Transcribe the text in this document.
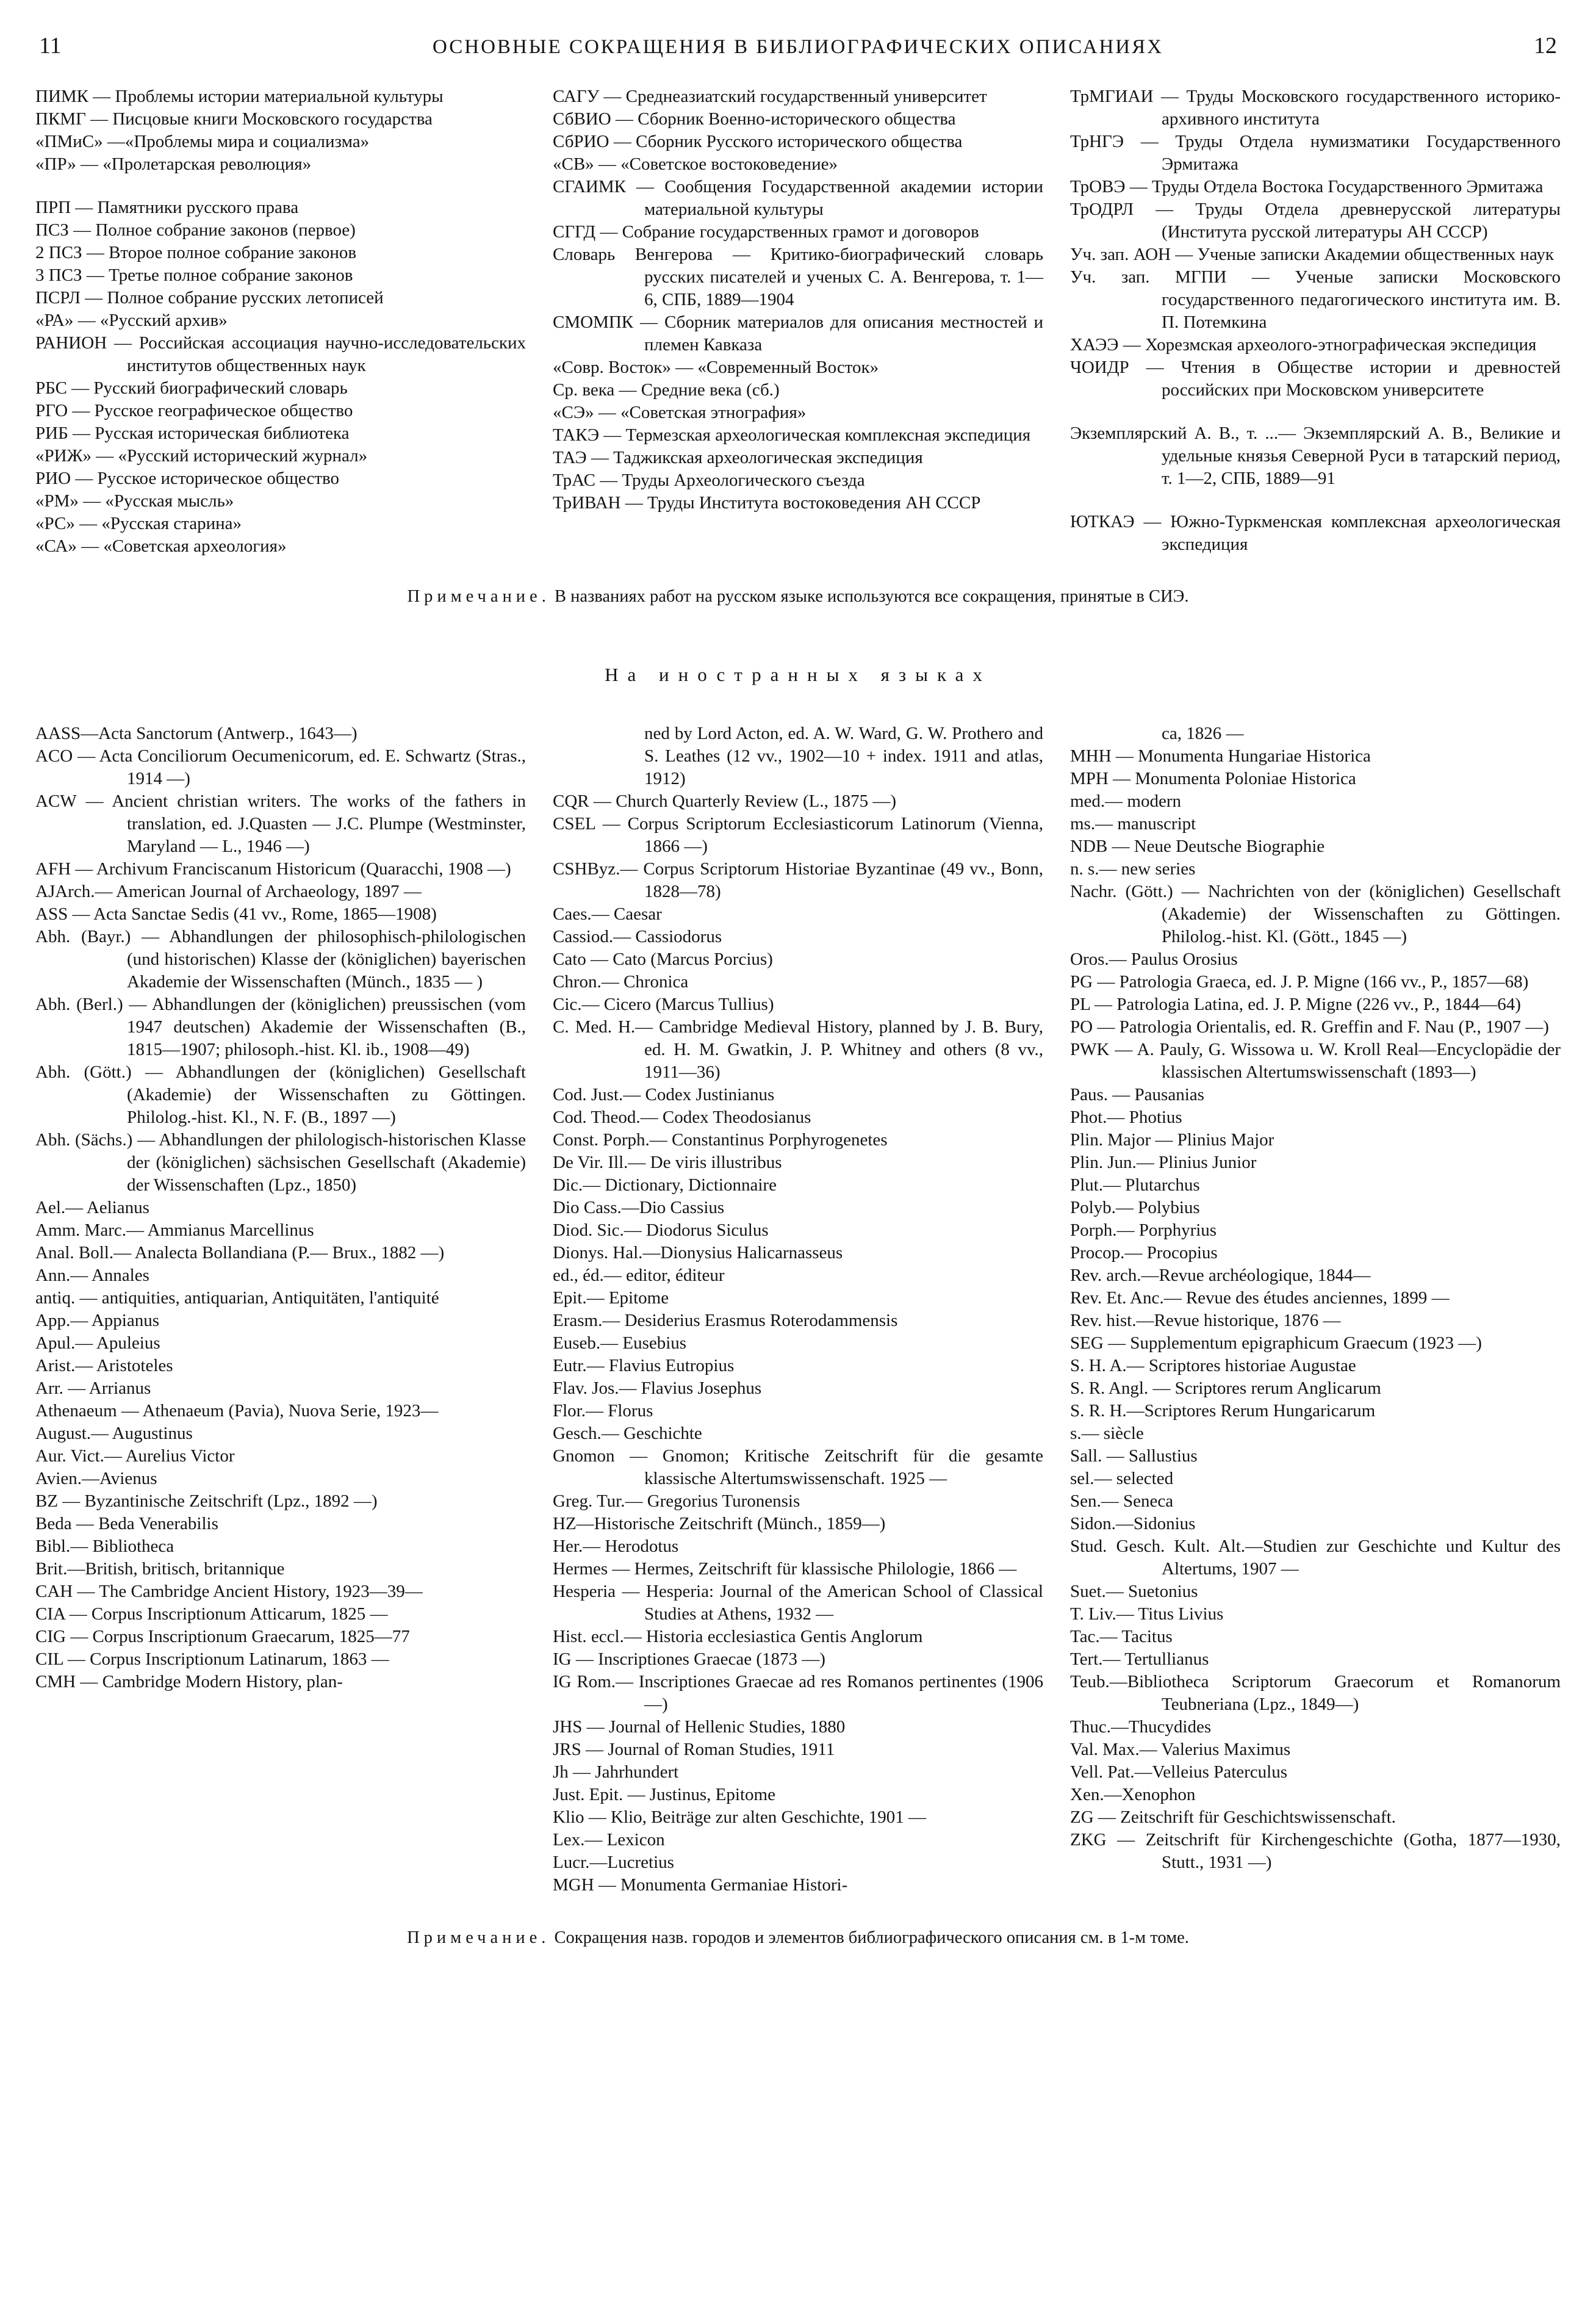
11	ОСНОВНЫЕ СОКРАЩЕНИЯ В БИБЛИОГРАФИЧЕСКИХ ОПИСАНИЯХ	12

ПИМК — Проблемы истории материальной культуры

ПКМГ — Писцовые книги Московского государства

«ПМиС» —«Проблемы мира и социализма»

«ПР» — «Пролетарская революция»

ПРП — Памятники русского права

ПСЗ — Полное собрание законов (первое)

2 ПСЗ — Второе полное собрание законов

3 ПСЗ — Третье полное собрание законов

ПСРЛ — Полное собрание русских летописей

«РА» — «Русский архив»

РАНИОН — Российская ассоциация научно-исследовательских институтов общественных наук

РБС — Русский биографический словарь

РГО — Русское географическое общество

РИБ — Русская историческая библиотека

«РИЖ» — «Русский исторический журнал»

РИО — Русское историческое общество

«РМ» — «Русская мысль»

«РС» — «Русская старина»

«СА» — «Советская археология»

САГУ — Среднеазиатский государственный университет

СбВИО — Сборник Военно-исторического общества

СбРИО — Сборник Русского исторического общества

«СВ» — «Советское востоковедение»

СГАИМК — Сообщения Государственной академии истории материальной культуры

СГГД — Собрание государственных грамот и договоров

Словарь Венгерова — Критико-биографический словарь русских писателей и ученых С. А. Венгерова, т. 1—6, СПБ, 1889—1904

СМОМПК — Сборник материалов для описания местностей и племен Кавказа

«Совр. Восток» — «Современный Восток»

Ср. века — Средние века (сб.)

«СЭ» — «Советская этнография»

ТАКЭ — Термезская археологическая комплексная экспедиция

ТАЭ — Таджикская археологическая экспедиция

ТрАС — Труды Археологического съезда

ТрИВАН — Труды Института востоковедения АН СССР

ТрМГИАИ — Труды Московского государственного историко-архивного института

ТрНГЭ — Труды Отдела нумизматики Государственного Эрмитажа

ТрОВЭ — Труды Отдела Востока Государственного Эрмитажа

ТрОДРЛ — Труды Отдела древнерусской литературы (Института русской литературы АН СССР)

Уч. зап. АОН — Ученые записки Академии общественных наук

Уч. зап. МГПИ — Ученые записки Московского государственного педагогического института им. В. П. Потемкина

ХАЭЭ — Хорезмская археолого-этнографическая экспедиция

ЧОИДР — Чтения в Обществе истории и древностей российских при Московском университете

Экземплярский А. В., т. ...— Экземплярский А. В., Великие и удельные князья Северной Руси в татарский период, т. 1—2, СПБ, 1889—91

ЮТКАЭ — Южно-Туркменская комплексная археологическая экспедиция

Примечание. В названиях работ на русском языке используются все сокращения, принятые в СИЭ.

На иностранных языках

AASS—Acta Sanctorum (Antwerp., 1643—)

ACO — Acta Conciliorum Oecumenicorum, ed. E. Schwartz (Stras., 1914 —)

ACW — Ancient christian writers. The works of the fathers in translation, ed. J.Quasten — J.C. Plumpe (Westminster, Maryland — L., 1946 —)

AFH — Archivum Franciscanum Historicum (Quaracchi, 1908 —)

AJArch.— American Journal of Archaeology, 1897 —

ASS — Acta Sanctae Sedis (41 vv., Rome, 1865—1908)

Abh. (Bayr.) — Abhandlungen der philosophisch-philologischen (und historischen) Klasse der (königlichen) bayerischen Akademie der Wissenschaften (Münch., 1835 — )

Abh. (Berl.) — Abhandlungen der (königlichen) preussischen (vom 1947 deutschen) Akademie der Wissenschaften (B., 1815—1907; philosoph.-hist. Kl. ib., 1908—49)

Abh. (Gött.) — Abhandlungen der (königlichen) Gesellschaft (Akademie) der Wissenschaften zu Göttingen. Philolog.-hist. Kl., N. F. (B., 1897 —)

Abh. (Sächs.) — Abhandlungen der philologisch-historischen Klasse der (königlichen) sächsischen Gesellschaft (Akademie) der Wissenschaften (Lpz., 1850)

Ael.— Aelianus

Amm. Marc.— Ammianus Marcellinus

Anal. Boll.— Analecta Bollandiana (P.— Brux., 1882 —)

Ann.— Annales

antiq. — antiquities, antiquarian, Antiquitäten, l'antiquité

App.— Appianus

Apul.— Apuleius

Arist.— Aristoteles

Arr. — Arrianus

Athenaeum — Athenaeum (Pavia), Nuova Serie, 1923—

August.— Augustinus

Aur. Vict.— Aurelius Victor

Avien.—Avienus

BZ — Byzantinische Zeitschrift (Lpz., 1892 —)

Beda — Beda Venerabilis

Bibl.— Bibliotheca

Brit.—British, britisch, britannique

CAH — The Cambridge Ancient History, 1923—39—

CIA — Corpus Inscriptionum Atticarum, 1825 —

CIG — Corpus Inscriptionum Graecarum, 1825—77

CIL — Corpus Inscriptionum Latinarum, 1863 —

CMH — Cambridge Modern History, plan-

ned by Lord Acton, ed. A. W. Ward, G. W. Prothero and S. Leathes (12 vv., 1902—10 + index. 1911 and atlas, 1912)

CQR — Church Quarterly Review (L., 1875 —)

CSEL — Corpus Scriptorum Ecclesiasticorum Latinorum (Vienna, 1866 —)

CSHByz.— Corpus Scriptorum Historiae Byzantinae (49 vv., Bonn, 1828—78)

Caes.— Caesar

Cassiod.— Cassiodorus

Cato — Cato (Marcus Porcius)

Chron.— Chronica

Cic.— Cicero (Marcus Tullius)

C. Med. H.— Cambridge Medieval History, planned by J. B. Bury, ed. H. M. Gwatkin, J. P. Whitney and others (8 vv., 1911—36)

Cod. Just.— Codex Justinianus

Cod. Theod.— Codex Theodosianus

Const. Porph.— Constantinus Porphyrogenetes

De Vir. Ill.— De viris illustribus

Dic.— Dictionary, Dictionnaire

Dio Cass.—Dio Cassius

Diod. Sic.— Diodorus Siculus

Dionys. Hal.—Dionysius Halicarnasseus

ed., éd.— editor, éditeur

Epit.— Epitome

Erasm.— Desiderius Erasmus Roterodammensis

Euseb.— Eusebius

Eutr.— Flavius Eutropius

Flav. Jos.— Flavius Josephus

Flor.— Florus

Gesch.— Geschichte

Gnomon — Gnomon; Kritische Zeitschrift für die gesamte klassische Altertumswissenschaft. 1925 —

Greg. Tur.— Gregorius Turonensis

HZ—Historische Zeitschrift (Münch., 1859—)

Her.— Herodotus

Hermes — Hermes, Zeitschrift für klassische Philologie, 1866 —

Hesperia — Hesperia: Journal of the American School of Classical Studies at Athens, 1932 —

Hist. eccl.— Historia ecclesiastica Gentis Anglorum

IG — Inscriptiones Graecae (1873 —)

IG Rom.— Inscriptiones Graecae ad res Romanos pertinentes (1906 —)

JHS — Journal of Hellenic Studies, 1880

JRS — Journal of Roman Studies, 1911

Jh — Jahrhundert

Just. Epit. — Justinus, Epitome

Klio — Klio, Beiträge zur alten Geschichte, 1901 —

Lex.— Lexicon

Lucr.—Lucretius

MGH — Monumenta Germaniae Histori-

ca, 1826 —

MHH — Monumenta Hungariae Historica

MPH — Monumenta Poloniae Historica

med.— modern

ms.— manuscript

NDB — Neue Deutsche Biographie

n. s.— new series

Nachr. (Gött.) — Nachrichten von der (königlichen) Gesellschaft (Akademie) der Wissenschaften zu Göttingen. Philolog.-hist. Kl. (Gött., 1845 —)

Oros.— Paulus Orosius

PG — Patrologia Graeca, ed. J. P. Migne (166 vv., P., 1857—68)

PL — Patrologia Latina, ed. J. P. Migne (226 vv., P., 1844—64)

PO — Patrologia Orientalis, ed. R. Greffin and F. Nau (P., 1907 —)

PWK — A. Pauly, G. Wissowa u. W. Kroll Real—Encyclopädie der klassischen Altertumswissenschaft (1893—)

Paus. — Pausanias

Phot.— Photius

Plin. Major — Plinius Major

Plin. Jun.— Plinius Junior

Plut.— Plutarchus

Polyb.— Polybius

Porph.— Porphyrius

Procop.— Procopius

Rev. arch.—Revue archéologique, 1844—

Rev. Et. Anc.— Revue des études anciennes, 1899 —

Rev. hist.—Revue historique, 1876 —

SEG — Supplementum epigraphicum Graecum (1923 —)

S. H. A.— Scriptores historiae Augustae

S. R. Angl. — Scriptores rerum Anglicarum

S. R. H.—Scriptores Rerum Hungaricarum

s.— siècle

Sall. — Sallustius

sel.— selected

Sen.— Seneca

Sidon.—Sidonius

Stud. Gesch. Kult. Alt.—Studien zur Geschichte und Kultur des Altertums, 1907 —

Suet.— Suetonius

T. Liv.— Titus Livius

Tac.— Tacitus

Tert.— Tertullianus

Teub.—Bibliotheca Scriptorum Graecorum et Romanorum Teubneriana (Lpz., 1849—)

Thuc.—Thucydides

Val. Max.— Valerius Maximus

Vell. Pat.—Velleius Paterculus

Xen.—Xenophon

ZG — Zeitschrift für Geschichtswissenschaft.

ZKG — Zeitschrift für Kirchengeschichte (Gotha, 1877—1930, Stutt., 1931 —)

Примечание. Сокращения назв. городов и элементов библиографического описания см. в 1-м томе.
